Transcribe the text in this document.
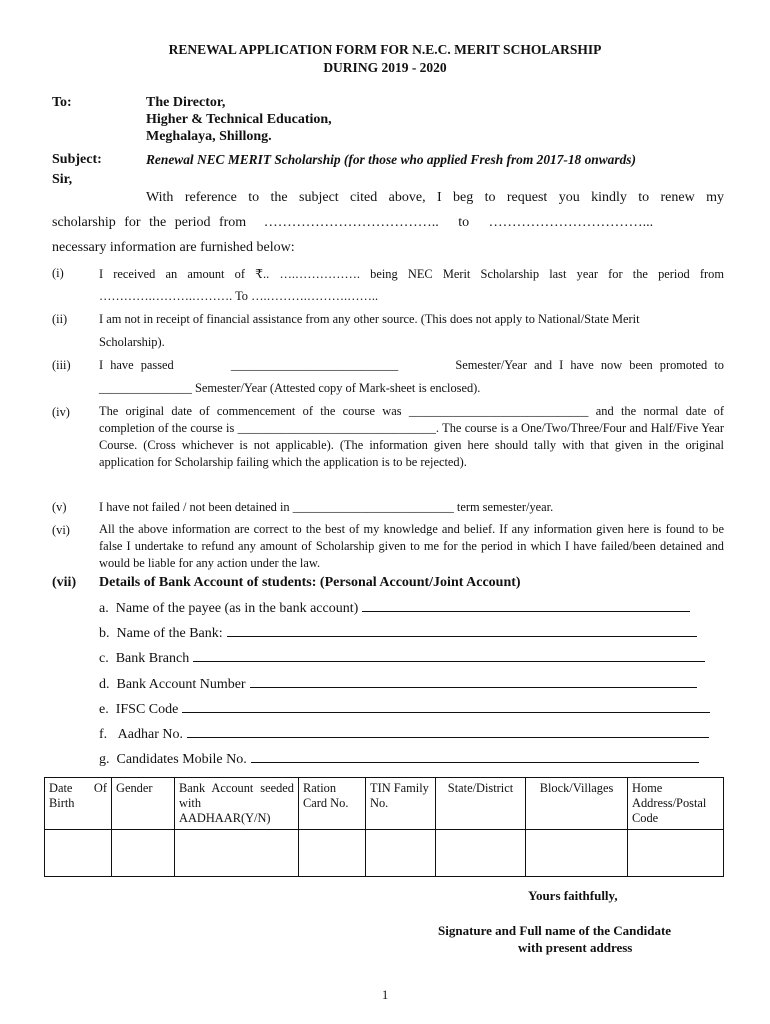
RENEWAL APPLICATION FORM FOR N.E.C. MERIT SCHOLARSHIP
DURING 2019 - 2020
To:	The Director,
Higher & Technical Education,
Meghalaya, Shillong.
Subject:	Renewal NEC MERIT Scholarship (for those who applied Fresh from 2017-18 onwards)
Sir,
With reference to the subject cited above, I beg to request you kindly to renew my
scholarship for the period from ……………………………….. to ……………………………...
necessary information are furnished below:
(i)	I received an amount of ₹.. ….……………. being NEC Merit Scholarship last year for the period from
………….……….………. To ….……….……….……..
(ii)	I am not in receipt of financial assistance from any other source. (This does not apply to National/State Merit
Scholarship).
(iii) I have passed	___________________________	Semester/Year and I have now been promoted to
_______________ Semester/Year (Attested copy of Mark-sheet is enclosed).
(iv) The original date of commencement of the course was _____________________________ and the normal date of completion of the course is ________________________________. The course is a One/Two/Three/Four and Half/Five Year Course. (Cross whichever is not applicable). (The information given here should tally with that given in the original application for Scholarship failing which the application is to be rejected).
(v)	I have not failed / not been detained in __________________________ term semester/year.
(vi) All the above information are correct to the best of my knowledge and belief. If any information given here is found to be false I undertake to refund any amount of Scholarship given to me for the period in which I have failed/been detained and would be liable for any action under the law.
(vii) Details of Bank Account of students: (Personal Account/Joint Account)
a.  Name of the payee (as in the bank account)
b.  Name of the Bank:
c.  Bank Branch
d.  Bank Account Number
e.  IFSC Code
f.   Aadhar No.
g.  Candidates Mobile No.
Date Of Birth	Gender	Bank Account seeded with AADHAAR(Y/N)	Ration Card No.	TIN Family No.	State/District	Block/Villages	Home Address/Postal Code

Yours faithfully,
Signature and Full name of the Candidate
with present address
1
